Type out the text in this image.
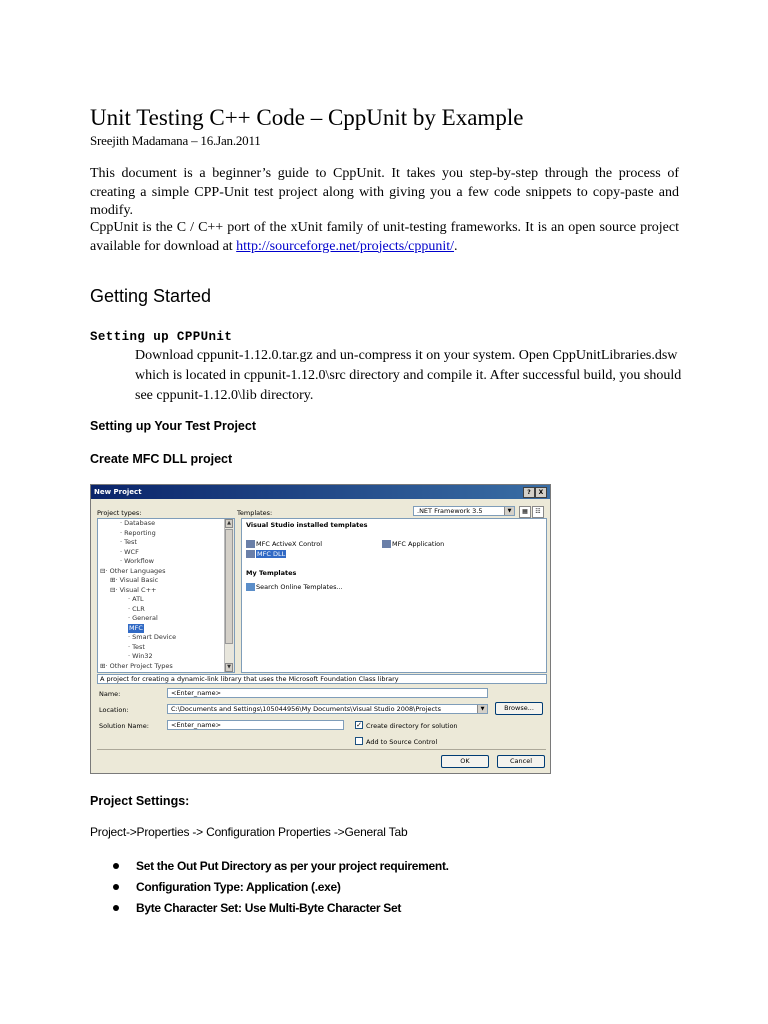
Unit Testing C++ Code – CppUnit by Example
Sreejith Madamana – 16.Jan.2011
This document is a beginner’s guide to CppUnit. It takes you step-by-step through the process of creating a simple CPP-Unit test project along with giving you a few code snippets to copy-paste and modify.
CppUnit is the C / C++ port of the xUnit family of unit-testing frameworks. It is an open source project available for download at http://sourceforge.net/projects/cppunit/.
Getting Started
Setting up CPPUnit
Download cppunit-1.12.0.tar.gz and un-compress it on your system. Open CppUnitLibraries.dsw which is located in cppunit-1.12.0\src directory and compile it. After successful build, you should see cppunit-1.12.0\lib directory.
Setting up Your Test Project
Create MFC DLL project
New Project	?	X
Project types:	Templates:	.NET Framework 3.5	▼	▦	☷
· Database
· Reporting
· Test
· WCF
· Workflow
⊟· Other Languages
⊞· Visual Basic
⊟· Visual C++
· ATL
· CLR
· General
MFC
· Smart Device
· Test
· Win32
⊞· Other Project Types
▲
▼
Visual Studio installed templates
MFC ActiveX Control	MFC Application
MFC DLL
My Templates
Search Online Templates...
A project for creating a dynamic-link library that uses the Microsoft Foundation Class library
Name:	<Enter_name>
Location:	C:\Documents and Settings\105044956\My Documents\Visual Studio 2008\Projects	▼	Browse...
Solution Name:	<Enter_name>	✓ Create directory for solution
Add to Source Control
OK	Cancel
Project Settings:
Project->Properties -> Configuration Properties ->General Tab
Set the Out Put Directory as per your project requirement.
Configuration Type: Application (.exe)
Byte Character Set: Use Multi-Byte Character Set
